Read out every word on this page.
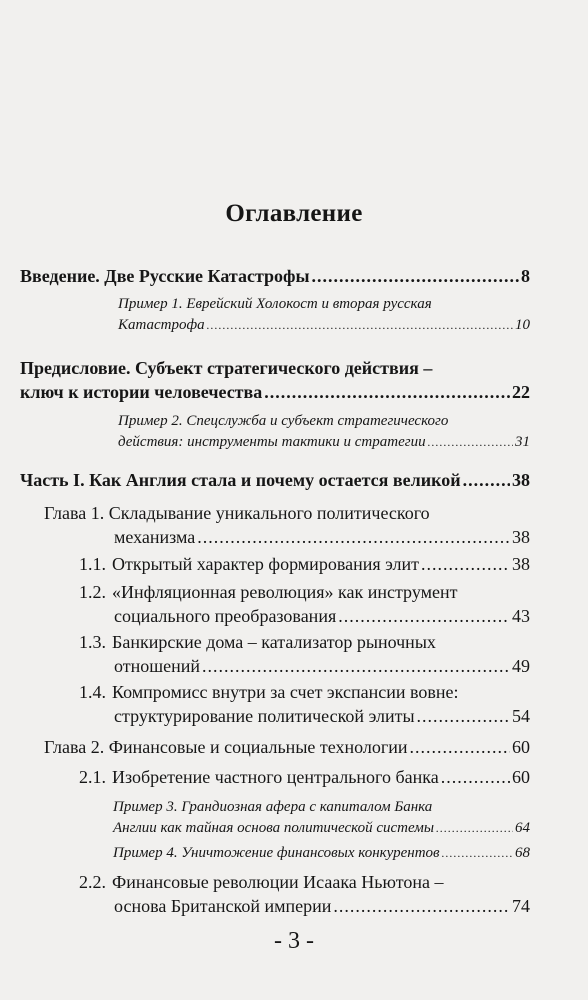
Оглавление
Введение. Две Русские Катастрофы .....	8
Пример 1. Еврейский Холокост и вторая русская
Катастрофа .....	10
Предисловие. Субъект стратегического действия –
ключ к истории человечества .....	22
Пример 2. Спецслужба и субъект стратегического
действия: инструменты тактики и стратегии .....	31
Часть I. Как Англия стала и почему остается великой .....	38
Глава 1. Складывание уникального политического
механизма .....	38
1.1. Открытый характер формирования элит .....	38
1.2. «Инфляционная революция» как инструмент
социального преобразования .....	43
1.3. Банкирские дома – катализатор рыночных
отношений .....	49
1.4. Компромисс внутри за счет экспансии вовне:
структурирование политической элиты .....	54
Глава 2. Финансовые и социальные технологии .....	60
2.1. Изобретение частного центрального банка .....	60
Пример 3. Грандиозная афера с капиталом Банка
Англии как тайная основа политической системы .....	64
Пример 4. Уничтожение финансовых конкурентов .....	68
2.2. Финансовые революции Исаака Ньютона –
основа Британской империи .....	74
- 3 -
